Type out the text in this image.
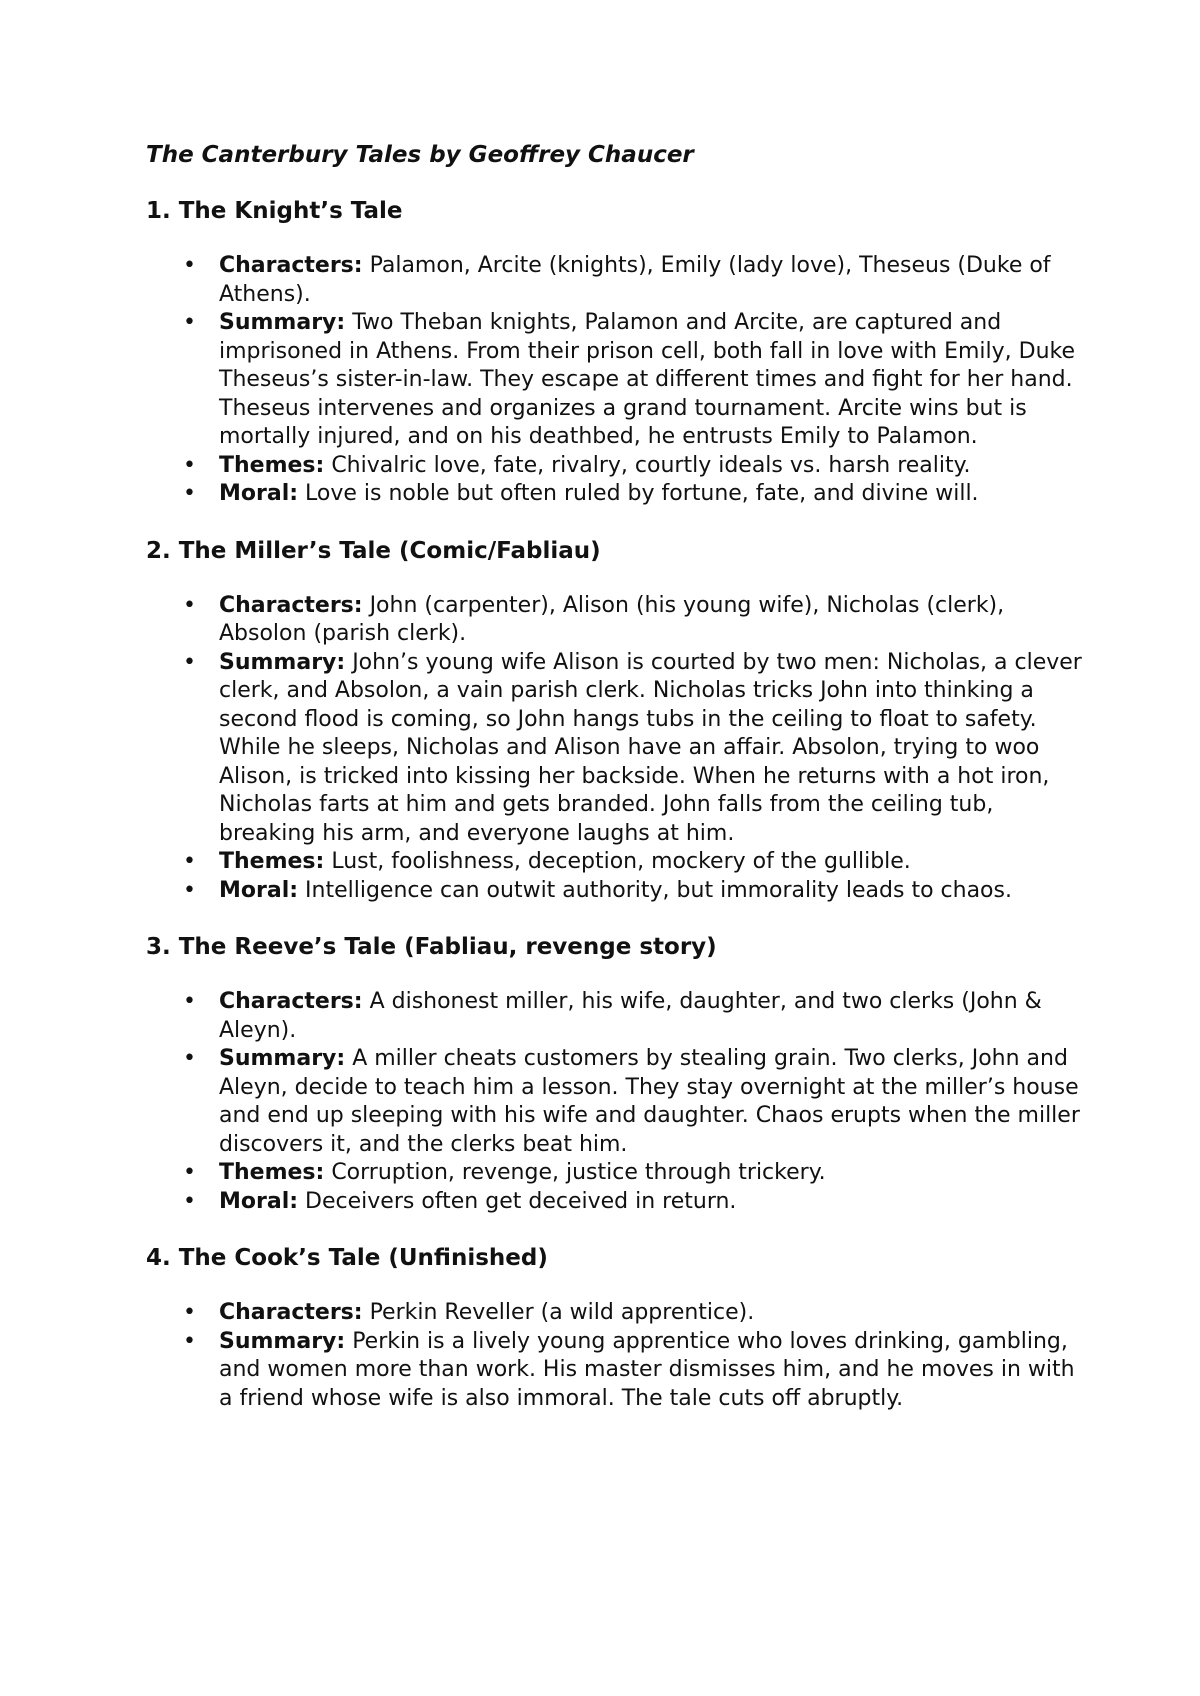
The Canterbury Tales by Geoffrey Chaucer
1. The Knight’s Tale
• Characters: Palamon, Arcite (knights), Emily (lady love), Theseus (Duke of Athens).
• Summary: Two Theban knights, Palamon and Arcite, are captured and imprisoned in Athens. From their prison cell, both fall in love with Emily, Duke Theseus’s sister-in-law. They escape at different times and fight for her hand. Theseus intervenes and organizes a grand tournament. Arcite wins but is mortally injured, and on his deathbed, he entrusts Emily to Palamon.
• Themes: Chivalric love, fate, rivalry, courtly ideals vs. harsh reality.
• Moral: Love is noble but often ruled by fortune, fate, and divine will.
2. The Miller’s Tale (Comic/Fabliau)
• Characters: John (carpenter), Alison (his young wife), Nicholas (clerk), Absolon (parish clerk).
• Summary: John’s young wife Alison is courted by two men: Nicholas, a clever clerk, and Absolon, a vain parish clerk. Nicholas tricks John into thinking a second flood is coming, so John hangs tubs in the ceiling to float to safety. While he sleeps, Nicholas and Alison have an affair. Absolon, trying to woo Alison, is tricked into kissing her backside. When he returns with a hot iron, Nicholas farts at him and gets branded. John falls from the ceiling tub, breaking his arm, and everyone laughs at him.
• Themes: Lust, foolishness, deception, mockery of the gullible.
• Moral: Intelligence can outwit authority, but immorality leads to chaos.
3. The Reeve’s Tale (Fabliau, revenge story)
• Characters: A dishonest miller, his wife, daughter, and two clerks (John & Aleyn).
• Summary: A miller cheats customers by stealing grain. Two clerks, John and Aleyn, decide to teach him a lesson. They stay overnight at the miller’s house and end up sleeping with his wife and daughter. Chaos erupts when the miller discovers it, and the clerks beat him.
• Themes: Corruption, revenge, justice through trickery.
• Moral: Deceivers often get deceived in return.
4. The Cook’s Tale (Unfinished)
• Characters: Perkin Reveller (a wild apprentice).
• Summary: Perkin is a lively young apprentice who loves drinking, gambling, and women more than work. His master dismisses him, and he moves in with a friend whose wife is also immoral. The tale cuts off abruptly.
